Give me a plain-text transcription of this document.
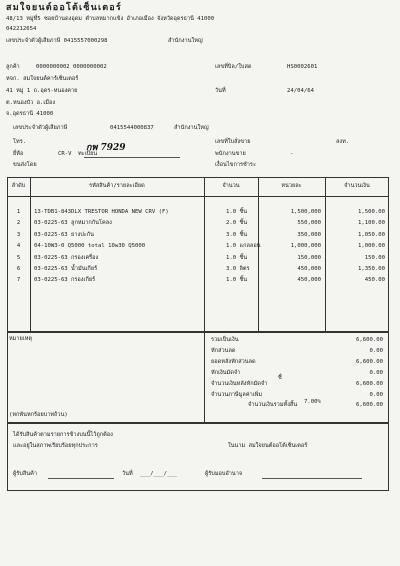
สมใจยนต์ออโต้เซ็นเตอร์
48/13 หมู่ที่5 ซอยบ้านดงอุดม ตำบลหมากแข้ง อำเภอเมือง จังหวัดอุดรธานี 41000
042212654
เลขประจำตัวผู้เสียภาษี 0415557000298	สำนักงานใหญ่
ลูกค้า	0000000002 0000000002
หจก. สมใจยนต์คาร์เซ็นเตอร์
41 หมู่ 1 ถ.อุดร-หนองคาย
ต.หนองบัว อ.เมือง
จ.อุดรธานี 41000
เลขประจำตัวผู้เสียภาษี	0415544000837	สำนักงานใหญ่
โทร.
เลขที่บิล/ใบสด	HS0002601
วันที่	24/04/64
เลขที่ใบสั่งขาย	ลงท.
พนักงานขาย	-
เงื่อนไขการชำระ
ยี่ห้อ	CR-V ทะเบียน
กพ 7929
ขนส่งโดย
ลำดับ	รหัสสินค้า/รายละเอียด	จำนวน	หน่วยละ	จำนวนเงิน
1	13-TDB1-843DLX TRESTOR HONDA NEW CRV (F)	1.0 ชิ้น	1,500,000	1,500.00
2	03-0225-63 ลูกหมากกันโคลง	2.0 ชิ้น	550,000	1,100.00
3	03-0225-63 ยางปะกัน	3.0 ชิ้น	350,000	1,050.00
4	04-10W3-0 Q5000 total 10w30 Q5000	1.0 แกลลอน	1,000,000	1,000.00
5	03-0225-63 กรองเครื่อง	1.0 ชิ้น	150,000	150.00
6	03-0225-63 น้ำมันเกียร์	3.0 ลิตร	450,000	1,350.00
7	03-0225-63 กรองเกียร์	1.0 ชิ้น	450,000	450.00
หมายเหตุ
(หกพันหกร้อยบาทถ้วน)
7.00%
ชื่
รวมเป็นเงิน	6,600.00
หักส่วนลด	0.00
ยอดหลังหักส่วนลด	6,600.00
หักเงินมัดจำ	0.00
จำนวนเงินหลังหักมัดจำ	6,600.00
จำนวนภาษีมูลค่าเพิ่ม	0.00
จำนวนเงินรวมทั้งสิ้น	6,600.00
ได้รับสินค้าตามรายการข้างบนนี้ไว้ถูกต้อง
และอยู่ในสภาพเรียบร้อยทุกประการ	ในนาม สมใจยนต์ออโต้เซ็นเตอร์
ผู้รับสินค้า	วันที่ ___/___/___	ผู้รับมอบอำนาจ
